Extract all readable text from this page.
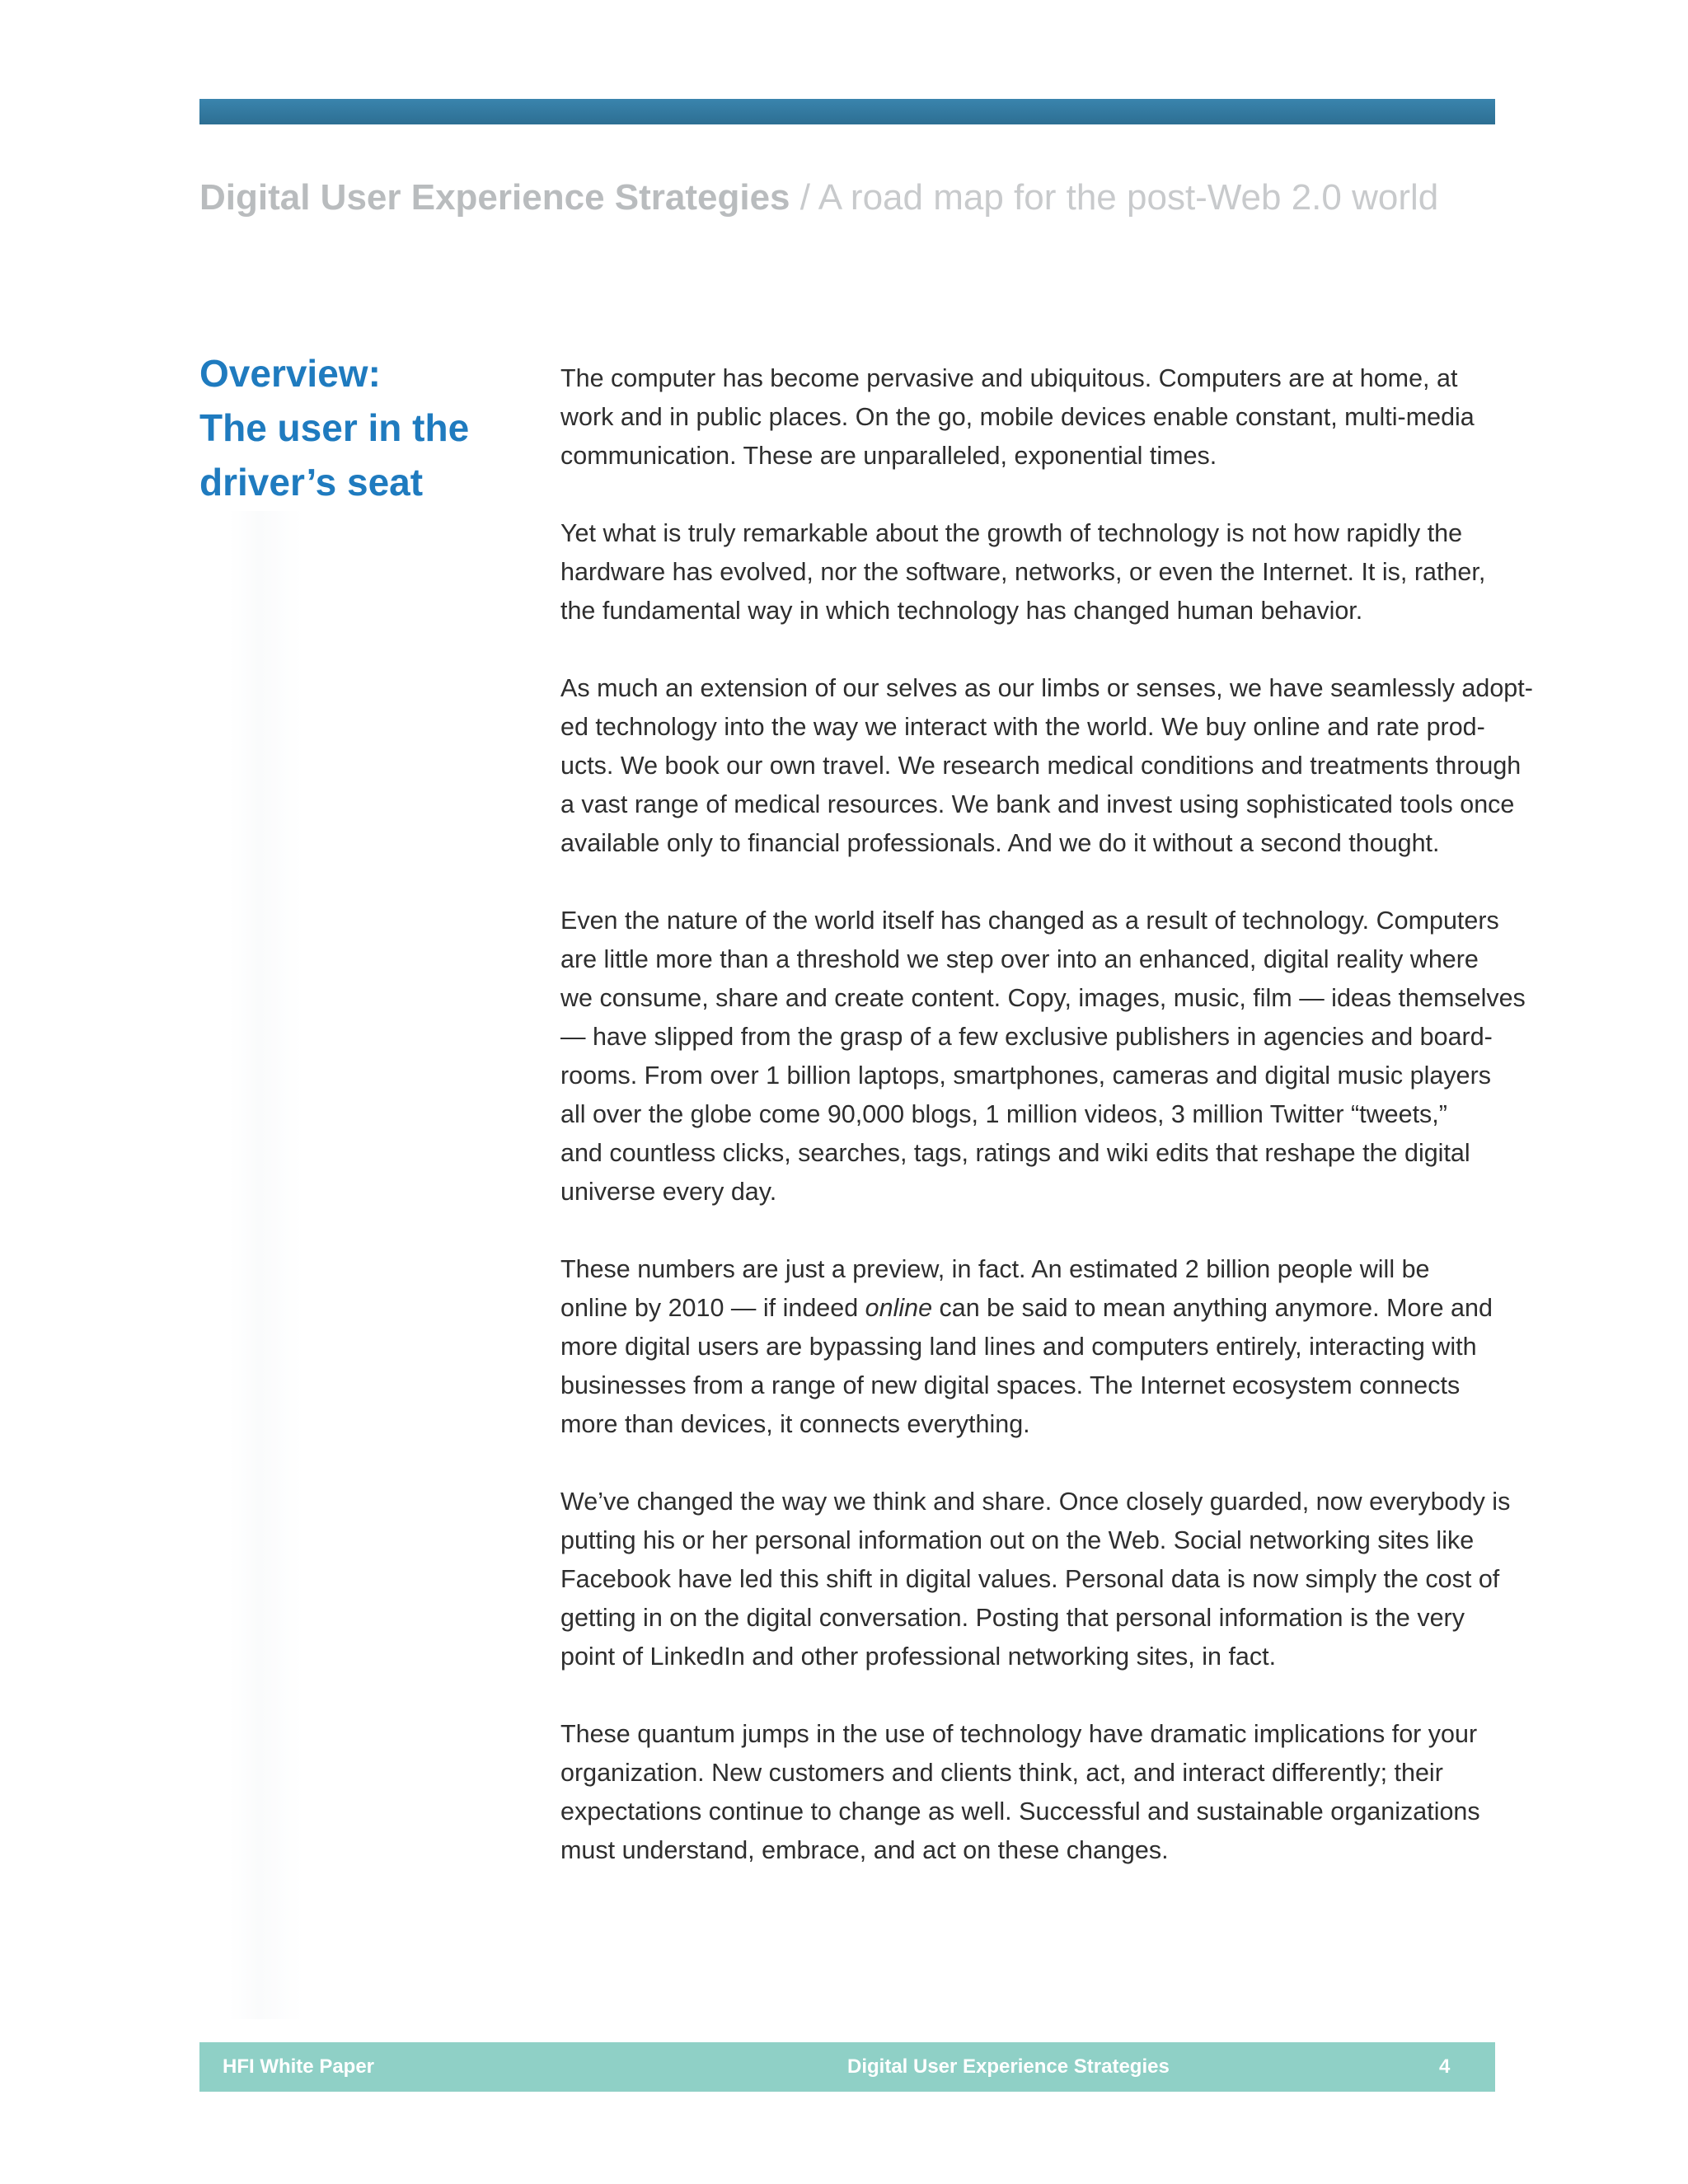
Digital User Experience Strategies / A road map for the post-Web 2.0 world
Overview:
The user in the
driver’s seat

The computer has become pervasive and ubiquitous. Computers are at home, at
work and in public places. On the go, mobile devices enable constant, multi-media
communication. These are unparalleled, exponential times.

Yet what is truly remarkable about the growth of technology is not how rapidly the
hardware has evolved, nor the software, networks, or even the Internet. It is, rather,
the fundamental way in which technology has changed human behavior.

As much an extension of our selves as our limbs or senses, we have seamlessly adopt-
ed technology into the way we interact with the world. We buy online and rate prod-
ucts. We book our own travel. We research medical conditions and treatments through
a vast range of medical resources. We bank and invest using sophisticated tools once
available only to financial professionals. And we do it without a second thought.

Even the nature of the world itself has changed as a result of technology. Computers
are little more than a threshold we step over into an enhanced, digital reality where
we consume, share and create content. Copy, images, music, film — ideas themselves
— have slipped from the grasp of a few exclusive publishers in agencies and board-
rooms. From over 1 billion laptops, smartphones, cameras and digital music players
all over the globe come 90,000 blogs, 1 million videos, 3 million Twitter “tweets,”
and countless clicks, searches, tags, ratings and wiki edits that reshape the digital
universe every day.

These numbers are just a preview, in fact. An estimated 2 billion people will be
online by 2010 — if indeed online can be said to mean anything anymore. More and
more digital users are bypassing land lines and computers entirely, interacting with
businesses from a range of new digital spaces. The Internet ecosystem connects
more than devices, it connects everything.

We’ve changed the way we think and share. Once closely guarded, now everybody is
putting his or her personal information out on the Web. Social networking sites like
Facebook have led this shift in digital values. Personal data is now simply the cost of
getting in on the digital conversation. Posting that personal information is the very
point of LinkedIn and other professional networking sites, in fact.

These quantum jumps in the use of technology have dramatic implications for your
organization. New customers and clients think, act, and interact differently; their
expectations continue to change as well. Successful and sustainable organizations
must understand, embrace, and act on these changes.

HFI White Paper	Digital User Experience Strategies	4
